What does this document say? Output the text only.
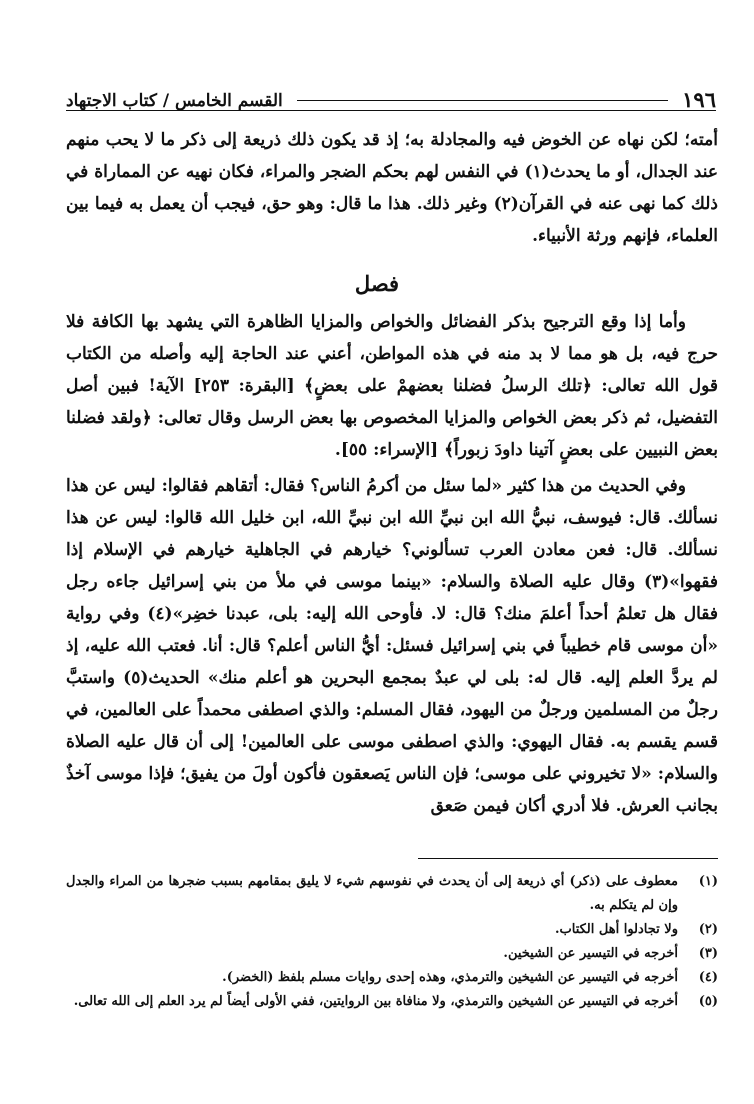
١٩٦
القسم الخامس / كتاب الاجتهاد

أمته؛ لكن نهاه عن الخوض فيه والمجادلة به؛ إذ قد يكون ذلك ذريعة إلى ذكر ما لا يحب منهم عند الجدال، أو ما يحدث(١) في النفس لهم بحكم الضجر والمراء، فكان نهيه عن المماراة في ذلك كما نهى عنه في القرآن(٢) وغير ذلك. هذا ما قال: وهو حق، فيجب أن يعمل به فيما بين العلماء، فإنهم ورثة الأنبياء.

فصل

وأما إذا وقع الترجيح بذكر الفضائل والخواص والمزايا الظاهرة التي يشهد بها الكافة فلا حرج فيه، بل هو مما لا بد منه في هذه المواطن، أعني عند الحاجة إليه وأصله من الكتاب قول الله تعالى: ﴿تلك الرسلُ فضلنا بعضهمْ على بعضٍ﴾ [البقرة: ٢٥٣] الآية! فبين أصل التفضيل، ثم ذكر بعض الخواص والمزايا المخصوص بها بعض الرسل وقال تعالى: ﴿ولقد فضلنا بعض النبيين على بعضٍ آتينا داودَ زبوراً﴾ [الإسراء: ٥٥].

وفي الحديث من هذا كثير «لما سئل من أكرمُ الناس؟ فقال: أتقاهم فقالوا: ليس عن هذا نسألك. قال: فيوسف، نبيُّ الله ابن نبيِّ الله ابن نبيِّ الله، ابن خليل الله قالوا: ليس عن هذا نسألك. قال: فعن معادن العرب تسألوني؟ خيارهم في الجاهلية خيارهم في الإسلام إذا فقهوا»(٣) وقال عليه الصلاة والسلام: «بينما موسى في ملأ من بني إسرائيل جاءه رجل فقال هل تعلمُ أحداً أعلمَ منك؟ قال: لا. فأوحى الله إليه: بلى، عبدنا خضِر»(٤) وفي رواية «أن موسى قام خطيباً في بني إسرائيل فسئل: أيُّ الناس أعلم؟ قال: أنا. فعتب الله عليه، إذ لم يردَّ العلم إليه. قال له: بلى لي عبدٌ بمجمع البحرين هو أعلم منك» الحديث(٥) واستبَّ رجلٌ من المسلمين ورجلٌ من اليهود، فقال المسلم: والذي اصطفى محمداً على العالمين، في قسم يقسم به. فقال اليهوي: والذي اصطفى موسى على العالمين! إلى أن قال عليه الصلاة والسلام: «لا تخيروني على موسى؛ فإن الناس يَصعقون فأكون أولَ من يفيق؛ فإذا موسى آخذٌ بجانب العرش. فلا أدري أكان فيمن صَعق

(١)
معطوف على (ذكر) أي ذريعة إلى أن يحدث في نفوسهم شيء لا يليق بمقامهم بسبب ضجرها من المراء والجدل وإن لم يتكلم به.
(٢)
ولا تجادلوا أهل الكتاب.
(٣)
أخرجه في التيسير عن الشيخين.
(٤)
أخرجه في التيسير عن الشيخين والترمذي، وهذه إحدى روايات مسلم بلفظ (الخضر).
(٥)
أخرجه في التيسير عن الشيخين والترمذي، ولا منافاة بين الروايتين، ففي الأولى أيضاً لم يرد العلم إلى الله تعالى.
